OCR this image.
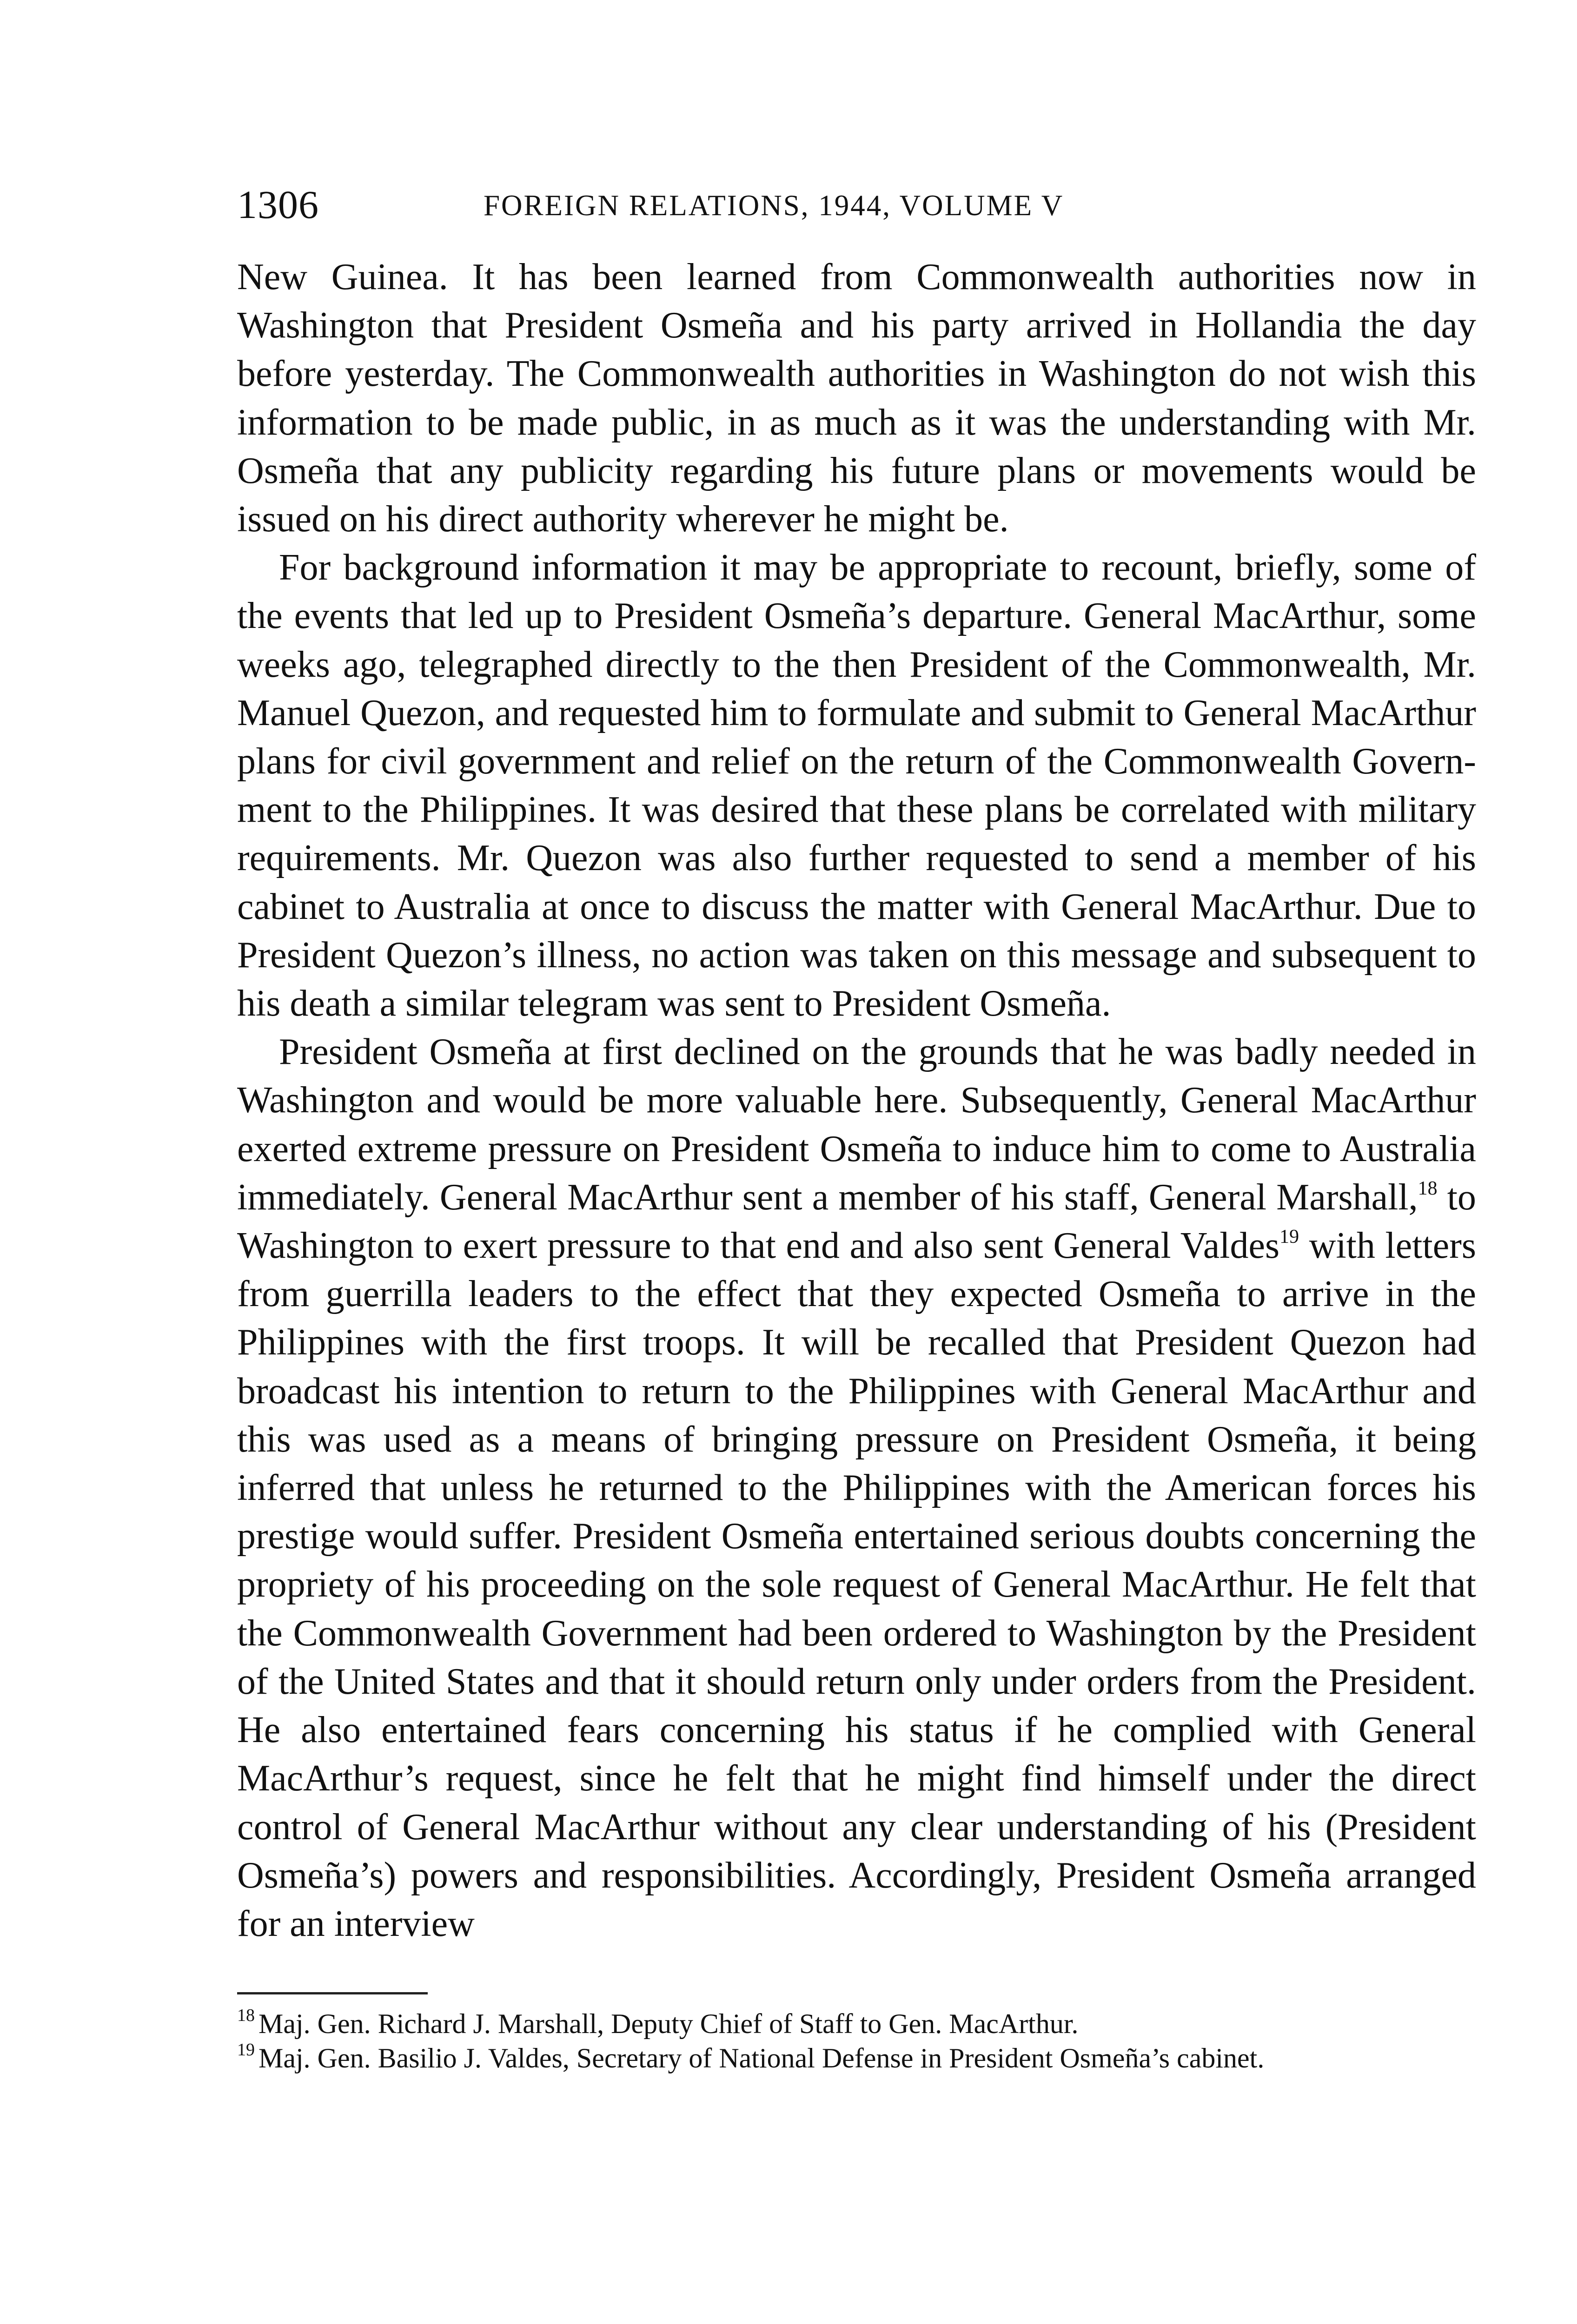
1306	FOREIGN RELATIONS, 1944, VOLUME V

New Guinea. It has been learned from Commonwealth authorities now in Washington that President Osmeña and his party arrived in Hollandia the day before yesterday. The Commonwealth authorities in Washington do not wish this information to be made public, in as much as it was the understanding with Mr. Osmeña that any publicity regarding his future plans or movements would be issued on his direct authority wherever he might be.

For background information it may be appropriate to recount, briefly, some of the events that led up to President Osmeña’s departure. General MacArthur, some weeks ago, telegraphed directly to the then President of the Commonwealth, Mr. Manuel Quezon, and requested him to formulate and submit to General MacArthur plans for civil government and relief on the return of the Commonwealth Government to the Philippines. It was desired that these plans be correlated with military requirements. Mr. Quezon was also further requested to send a member of his cabinet to Australia at once to discuss the matter with General MacArthur. Due to President Quezon’s illness, no action was taken on this message and subsequent to his death a similar telegram was sent to President Osmeña.

President Osmeña at first declined on the grounds that he was badly needed in Washington and would be more valuable here. Subsequently, General MacArthur exerted extreme pressure on President Osmeña to induce him to come to Australia immediately. General MacArthur sent a member of his staff, General Marshall,$^{18}$ to Washington to exert pressure to that end and also sent General Valdes$^{19}$ with letters from guerrilla leaders to the effect that they expected Osmeña to arrive in the Philippines with the first troops. It will be recalled that President Quezon had broadcast his intention to return to the Philippines with General MacArthur and this was used as a means of bringing pressure on President Osmeña, it being inferred that unless he returned to the Philippines with the American forces his prestige would suffer. President Osmeña entertained serious doubts concerning the propriety of his proceeding on the sole request of General MacArthur. He felt that the Commonwealth Government had been ordered to Washington by the President of the United States and that it should return only under orders from the President. He also entertained fears concerning his status if he complied with General MacArthur’s request, since he felt that he might find himself under the direct control of General MacArthur without any clear understanding of his (President Osmeña’s) powers and responsibilities. Accordingly, President Osmeña arranged for an interview

$^{18}$ Maj. Gen. Richard J. Marshall, Deputy Chief of Staff to Gen. MacArthur.

$^{19}$ Maj. Gen. Basilio J. Valdes, Secretary of National Defense in President Osmeña’s cabinet.
